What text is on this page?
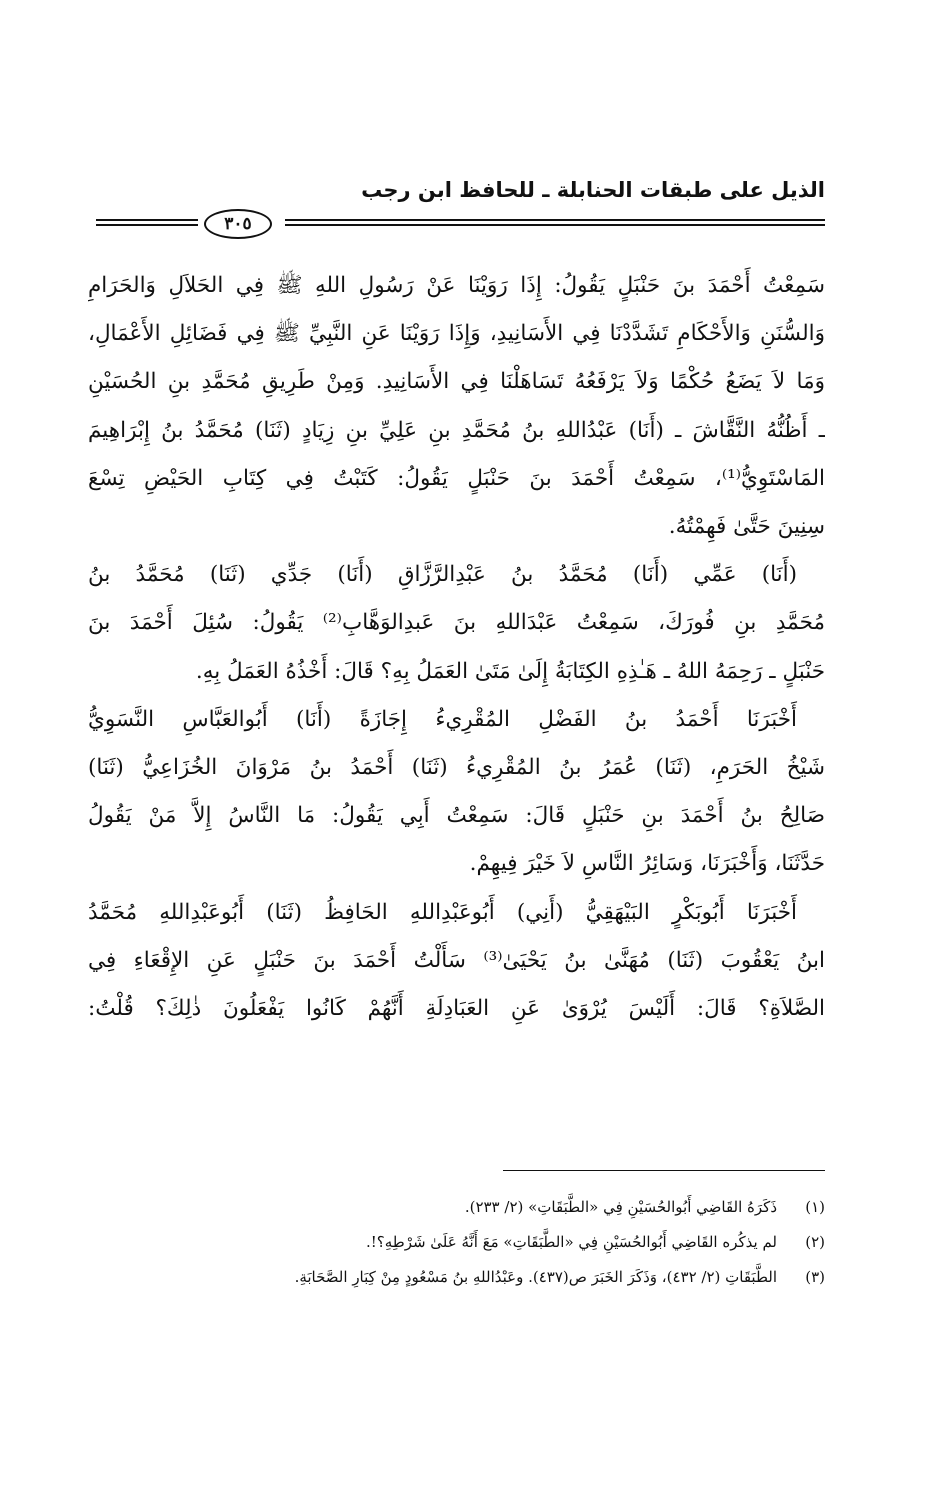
الذيل على طبقات الحنابلة ـ للحافظ ابن رجب
٣٠٥
سَمِعْتُ أَحْمَدَ بنَ حَنْبَلٍ يَقُولُ: إِذَا رَوَيْنَا عَنْ رَسُولِ اللهِ ﷺ فِي الحَلاَلِ وَالحَرَامِ
وَالسُّنَنِ وَالأَحْكَامِ تَشَدَّدْنَا فِي الأَسَانِيدِ، وَإِذَا رَوَيْنَا عَنِ النَّبِيِّ ﷺ فِي فَضَائِلِ الأَعْمَالِ،
وَمَا لاَ يَضَعُ حُكْمًا وَلاَ يَرْفَعُهُ تَسَاهَلْنَا فِي الأَسَانِيدِ. وَمِنْ طَرِيقِ مُحَمَّدِ بنِ الحُسَيْنِ
ـ أَظُنُّهُ النَّقَّاشَ ـ (أَنَا) عَبْدُاللهِ بنُ مُحَمَّدِ بنِ عَلِيِّ بنِ زِيَادٍ (ثَنَا) مُحَمَّدُ بنُ إِبْرَاهِيمَ
المَاسْتَوِيُّ⁽¹⁾، سَمِعْتُ أَحْمَدَ بنَ حَنْبَلٍ يَقُولُ: كَتَبْتُ فِي كِتَابِ الحَيْضِ تِسْعَ
سِنِينَ حَتَّىٰ فَهِمْتُهُ.
(أَنَا) عَمِّي (أَنَا) مُحَمَّدُ بنُ عَبْدِالرَّزَّاقِ (أَنَا) جَدِّي (ثَنَا) مُحَمَّدُ بنُ
مُحَمَّدِ بنِ فُورَكَ، سَمِعْتُ عَبْدَاللهِ بنَ عَبدِالوَهَّابِ⁽²⁾ يَقُولُ: سُئِلَ أَحْمَدَ بنَ
حَنْبَلٍ ـ رَحِمَهُ اللهُ ـ هَـٰذِهِ الكِتَابَةُ إِلَىٰ مَتَىٰ العَمَلُ بِهِ؟ قَالَ: أَخْذُهُ العَمَلُ بِهِ.
أَخْبَرَنَا أَحْمَدُ بنُ الفَضْلِ المُقْرِيءُ إِجَازَةً (أَنَا) أَبُوالعَبَّاسِ النَّسَوِيُّ
شَيْخُ الحَرَمِ، (ثَنَا) عُمَرُ بنُ المُقْرِيءُ (ثَنَا) أَحْمَدُ بنُ مَرْوَانَ الخُزَاعِيُّ (ثَنَا)
صَالِحُ بنُ أَحْمَدَ بنِ حَنْبَلٍ قَالَ: سَمِعْتُ أَبِي يَقُولُ: مَا النَّاسُ إِلاَّ مَنْ يَقُولُ
حَدَّثَنَا، وَأَخْبَرَنَا، وَسَائِرُ النَّاسِ لاَ خَيْرَ فِيهِمْ.
أَخْبَرَنَا أَبُوبَكْرٍ البَيْهَقِيُّ (أَنِي) أَبُوعَبْدِاللهِ الحَافِظُ (ثَنَا) أَبُوعَبْدِاللهِ مُحَمَّدُ
ابنُ يَعْقُوبَ (ثَنَا) مُهَنَّىٰ بنُ يَحْيَىٰ⁽³⁾ سَأَلْتُ أَحْمَدَ بنَ حَنْبَلٍ عَنِ الإِقْعَاءِ فِي
الصَّلاَةِ؟ قَالَ: أَلَيْسَ يُرْوَىٰ عَنِ العَبَادِلَةِ أَنَّهُمْ كَانُوا يَفْعَلُونَ ذٰلِكَ؟ قُلْتُ:
(١)ذَكَرَهُ القَاضِي أَبُوالحُسَيْنِ فِي «الطَّبَقَاتِ» (٢/ ٢٣٣).
(٢)لم يذكُره القَاضِي أَبُوالحُسَيْنِ فِي «الطَّبَقَاتِ» مَعَ أَنَّهُ عَلَىٰ شَرْطِهِ؟!.
(٣)الطَّبَقَاتِ (٢/ ٤٣٢)، وَذَكَرَ الخَبَرَ ص(٤٣٧). وعَبْدُاللهِ بنُ مَسْعُودٍ مِنْ كِبَارِ الصَّحَابَةِ.
